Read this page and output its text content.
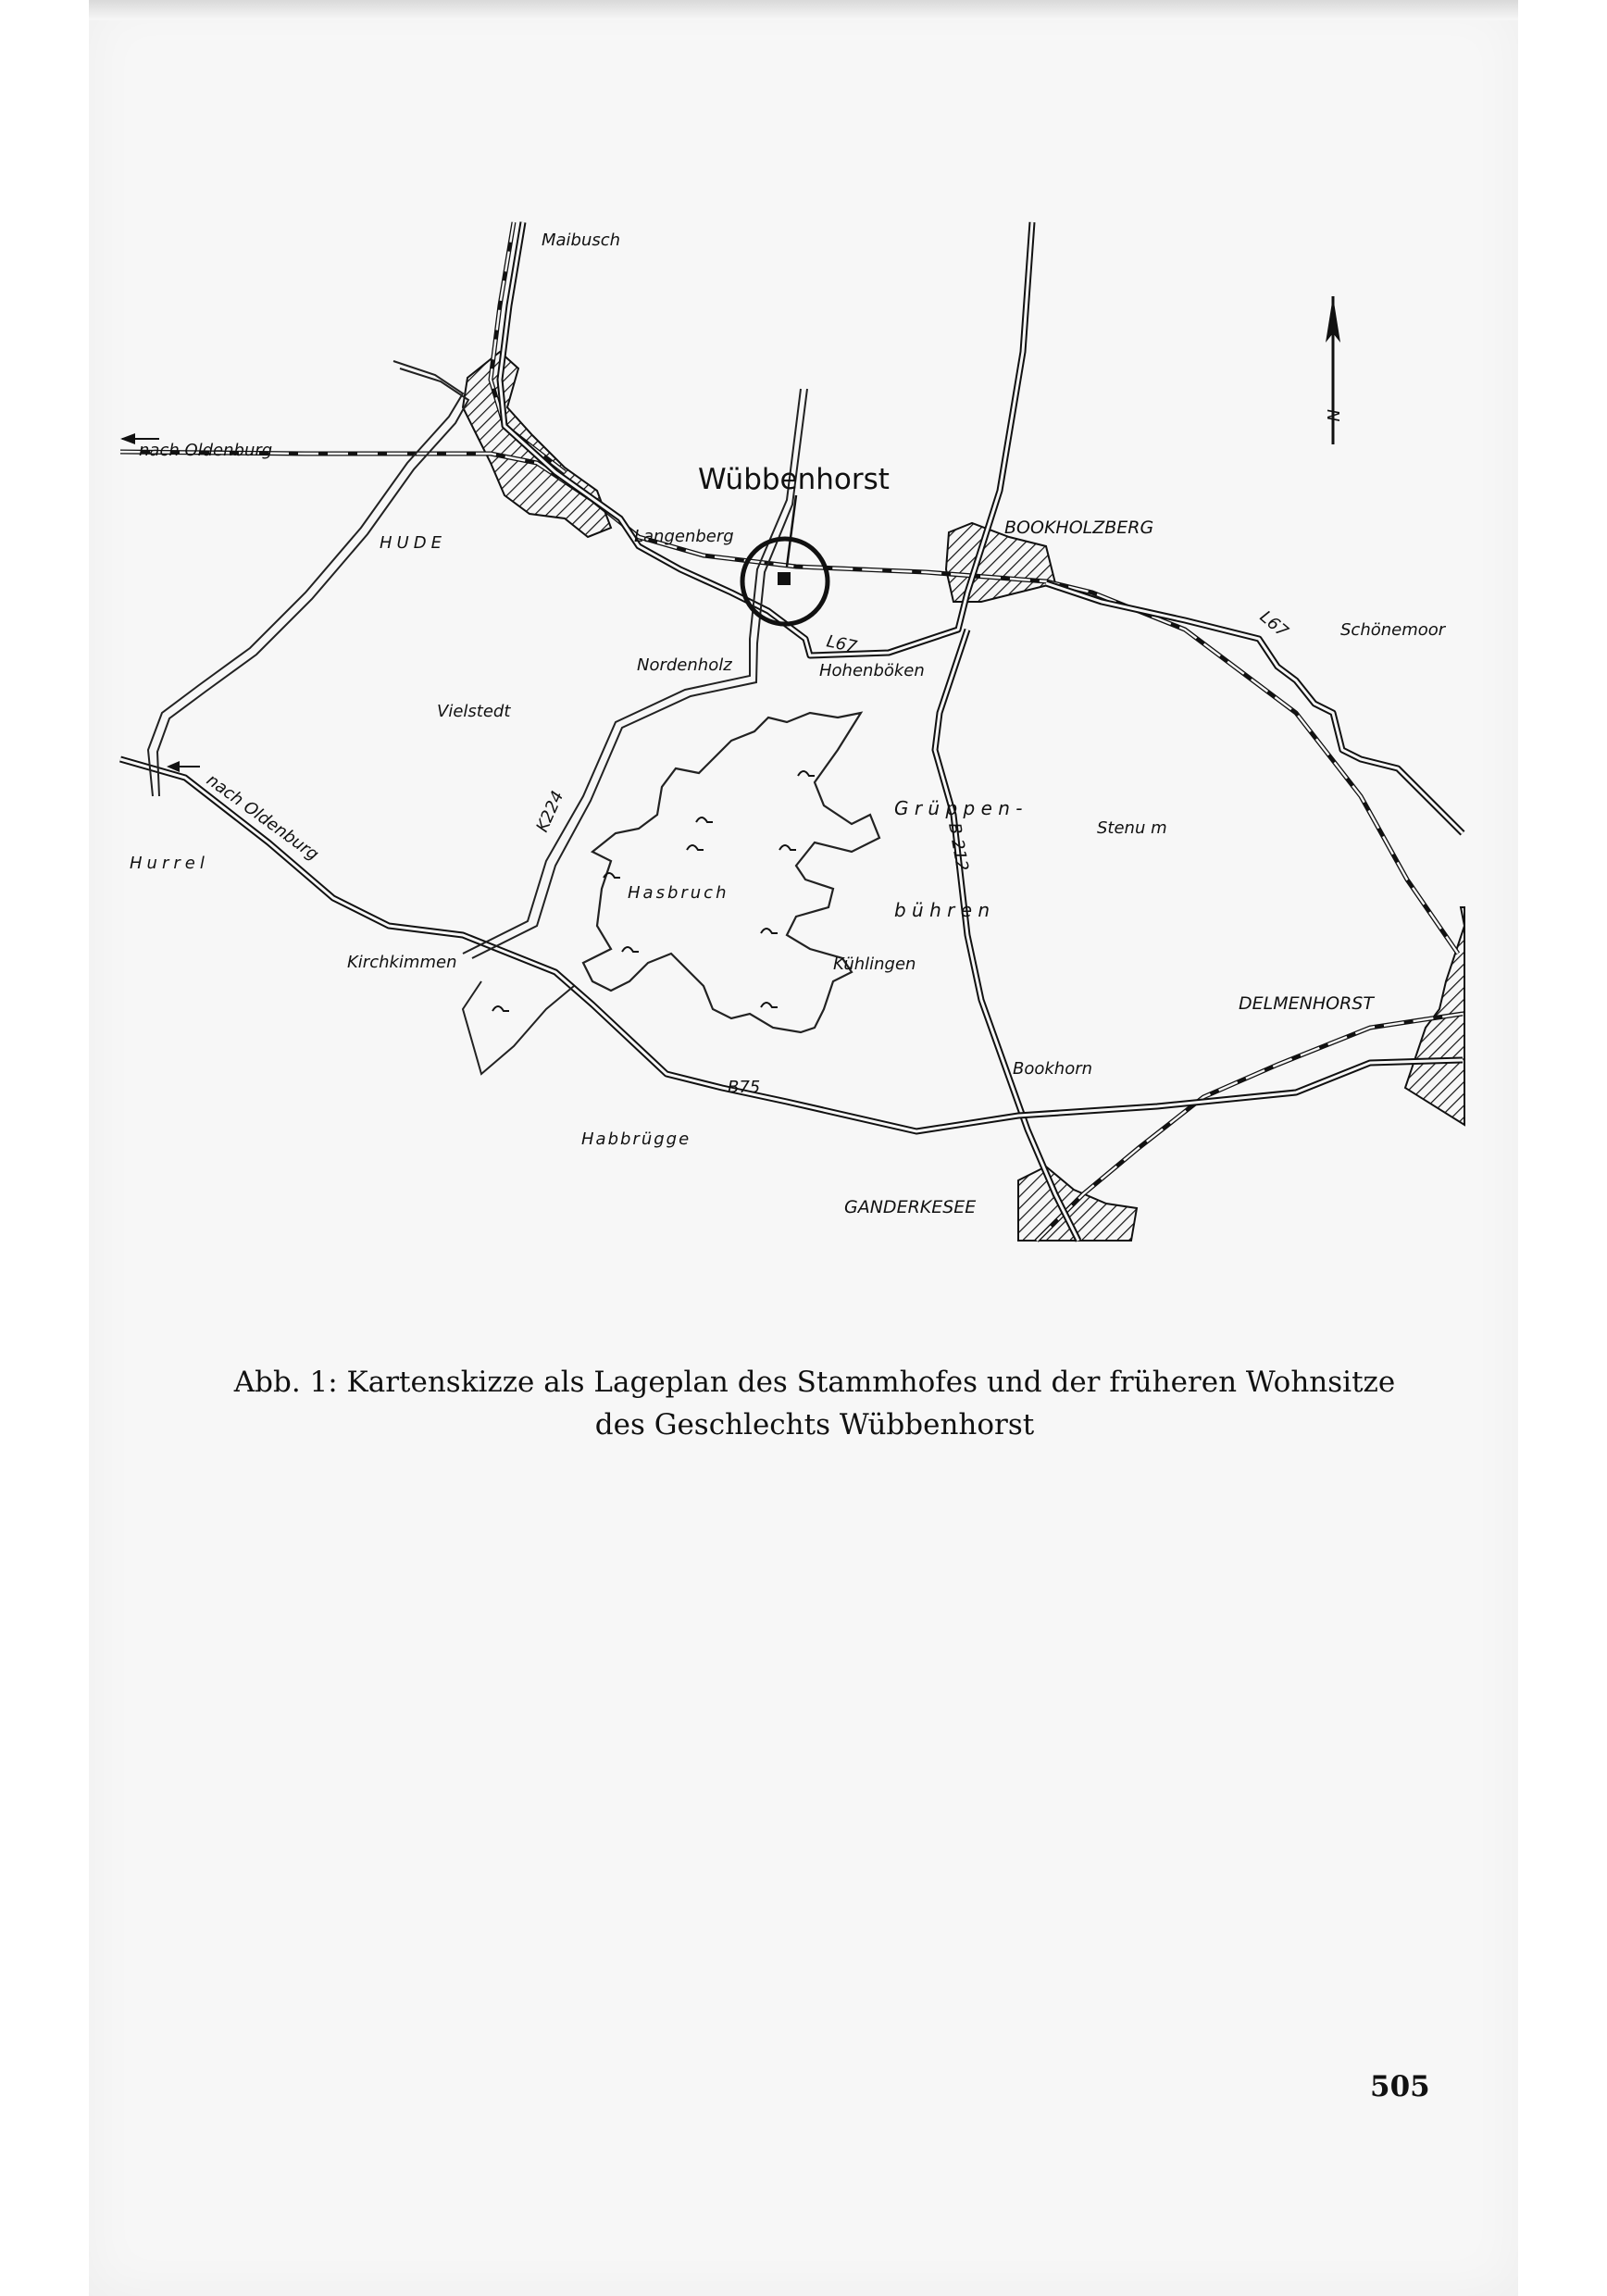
Wübbenhorst
N
Maibusch
HUDE	Langenberg	BOOKHOLZBERG
Schönemoor
Nordenholz	Hohenböken
Vielstedt
Hurrel
Hasbruch
G r ü p p e n -
b ü h r e n
Stenu m
Kirchkimmen	Kühlingen
DELMENHORST
Bookhorn
Habbrügge
GANDERKESEE
nach Oldenburg
nach Oldenburg
L67
L67
K224
B 212
B75
Abb. 1: Kartenskizze als Lageplan des Stammhofes und der früheren Wohnsitze
des Geschlechts Wübbenhorst
505
